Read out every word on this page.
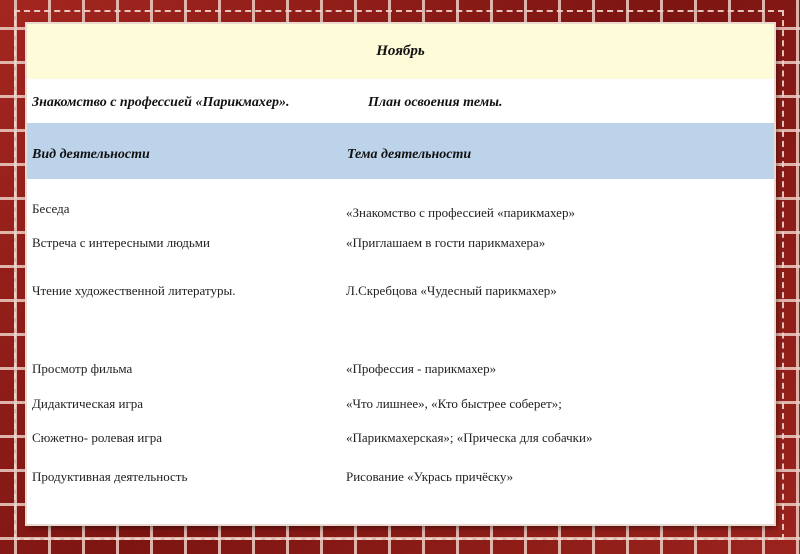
Ноябрь
Знакомство с профессией «Парикмахер».	План освоения темы.
Вид деятельности	Тема деятельности
Беседа	«Знакомство с профессией «парикмахер»
Встреча с интересными людьми	«Приглашаем в гости парикмахера»
Чтение художественной литературы.	Л.Скребцова «Чудесный парикмахер»
Просмотр фильма	«Профессия - парикмахер»
Дидактическая игра	«Что лишнее», «Кто быстрее соберет»;
Сюжетно- ролевая игра	«Парикмахерская»; «Прическа для собачки»
Продуктивная деятельность	Рисование «Укрась причёску»
